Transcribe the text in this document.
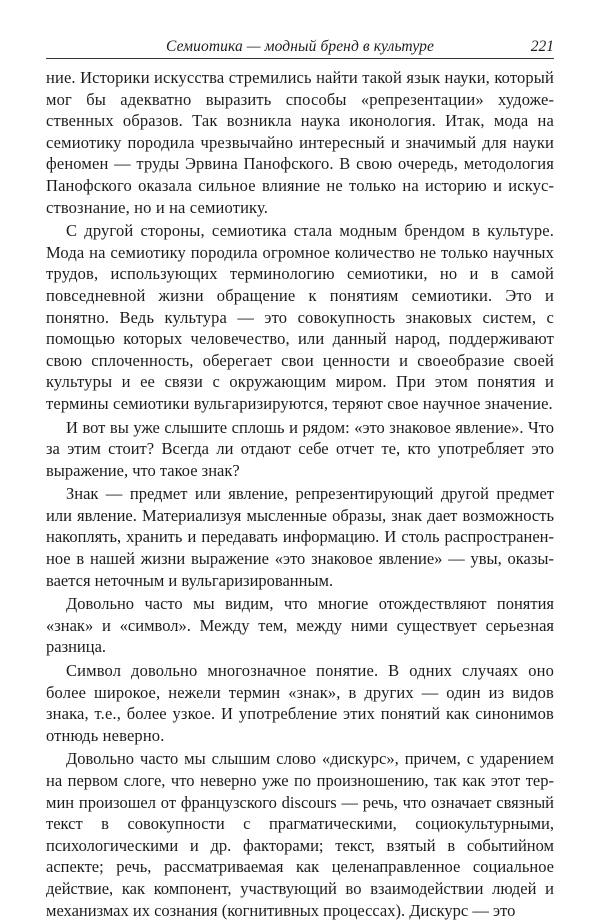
Семиотика — модный бренд в культуре	221

ние. Историки искусства стремились найти такой язык науки, который мог бы адекватно выразить способы «репрезентации» художественных образов. Так возникла наука иконология. Итак, мода на семиотику породила чрезвычайно интересный и значимый для науки феномен — труды Эрвина Панофского. В свою очередь, методология Панофского оказала сильное влияние не только на историю и искусствознание, но и на семиотику.

С другой стороны, семиотика стала модным брендом в культуре. Мода на семиотику породила огромное количество не только научных трудов, использующих терминологию семиотики, но и в самой повседневной жизни обращение к понятиям семиотики. Это и понятно. Ведь культура — это совокупность знаковых систем, с помощью которых человечество, или данный народ, поддерживают свою сплоченность, оберегает свои ценности и своеобразие своей культуры и ее связи с окружающим миром. При этом понятия и термины семиотики вульгаризируются, теряют свое научное значение.

И вот вы уже слышите сплошь и рядом: «это знаковое явление». Что за этим стоит? Всегда ли отдают себе отчет те, кто употребляет это выражение, что такое знак?

Знак — предмет или явление, репрезентирующий другой предмет или явление. Материализуя мысленные образы, знак дает возможность накоплять, хранить и передавать информацию. И столь распространенное в нашей жизни выражение «это знаковое явление» — увы, оказывается неточным и вульгаризированным.

Довольно часто мы видим, что многие отождествляют понятия «знак» и «символ». Между тем, между ними существует серьезная разница.

Символ довольно многозначное понятие. В одних случаях оно более широкое, нежели термин «знак», в других — один из видов знака, т.е., более узкое. И употребление этих понятий как синонимов отнюдь неверно.

Довольно часто мы слышим слово «дискурс», причем, с ударением на первом слоге, что неверно уже по произношению, так как этот термин произошел от французского discours — речь, что означает связный текст в совокупности с прагматическими, социокультурными, психологическими и др. факторами; текст, взятый в событийном аспекте; речь, рассматриваемая как целенаправленное социальное действие, как компонент, участвующий во взаимодействии людей и механизмах их сознания (когнитивных процессах). Дискурс — это
